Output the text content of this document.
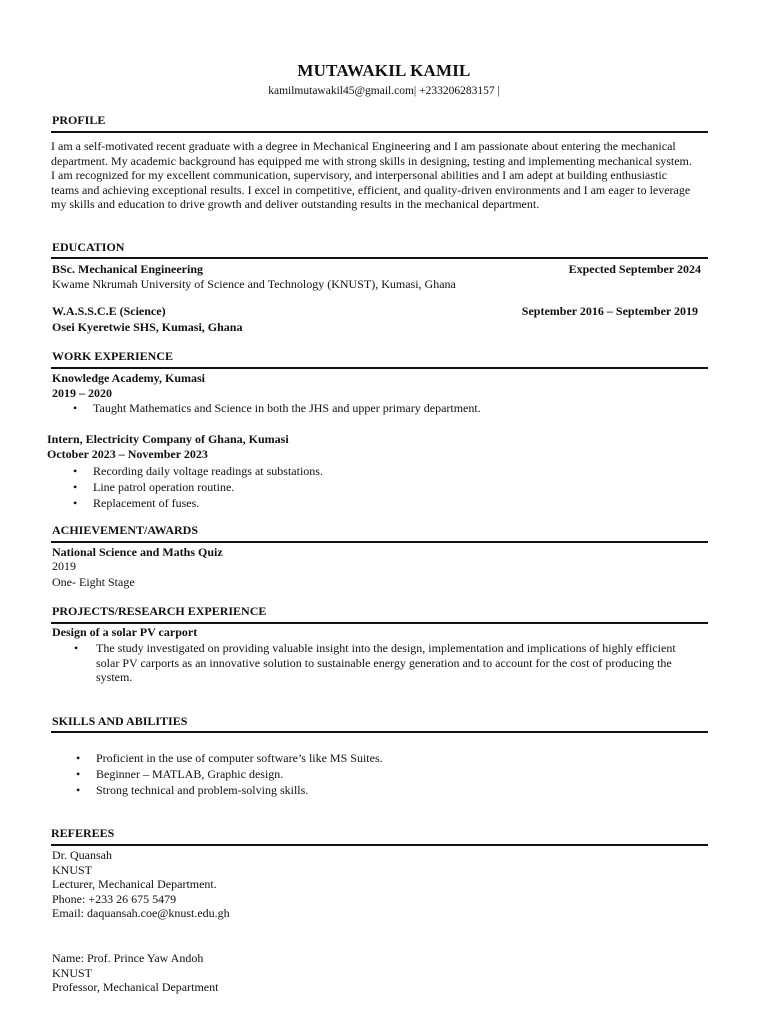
MUTAWAKIL KAMIL
kamilmutawakil45@gmail.com| +233206283157 |
PROFILE
I am a self-motivated recent graduate with a degree in Mechanical Engineering and I am passionate about entering the mechanical
department. My academic background has equipped me with strong skills in designing, testing and implementing mechanical system.
I am recognized for my excellent communication, supervisory, and interpersonal abilities and I am adept at building enthusiastic
teams and achieving exceptional results. I excel in competitive, efficient, and quality-driven environments and I am eager to leverage
my skills and education to drive growth and deliver outstanding results in the mechanical department.
EDUCATION
BSc. Mechanical Engineering	Expected September 2024
Kwame Nkrumah University of Science and Technology (KNUST), Kumasi, Ghana
W.A.S.S.C.E (Science)	September 2016 – September 2019
Osei Kyeretwie SHS, Kumasi, Ghana
WORK EXPERIENCE
Knowledge Academy, Kumasi
2019 – 2020
• Taught Mathematics and Science in both the JHS and upper primary department.
Intern, Electricity Company of Ghana, Kumasi
October 2023 – November 2023
• Recording daily voltage readings at substations.
• Line patrol operation routine.
• Replacement of fuses.
ACHIEVEMENT/AWARDS
National Science and Maths Quiz
2019
One- Eight Stage
PROJECTS/RESEARCH EXPERIENCE
Design of a solar PV carport
• The study investigated on providing valuable insight into the design, implementation and implications of highly efficient
solar PV carports as an innovative solution to sustainable energy generation and to account for the cost of producing the
system.
SKILLS AND ABILITIES
• Proficient in the use of computer software’s like MS Suites.
• Beginner – MATLAB, Graphic design.
• Strong technical and problem-solving skills.
REFEREES
Dr. Quansah
KNUST
Lecturer, Mechanical Department.
Phone: +233 26 675 5479
Email: daquansah.coe@knust.edu.gh
Name: Prof. Prince Yaw Andoh
KNUST
Professor, Mechanical Department
